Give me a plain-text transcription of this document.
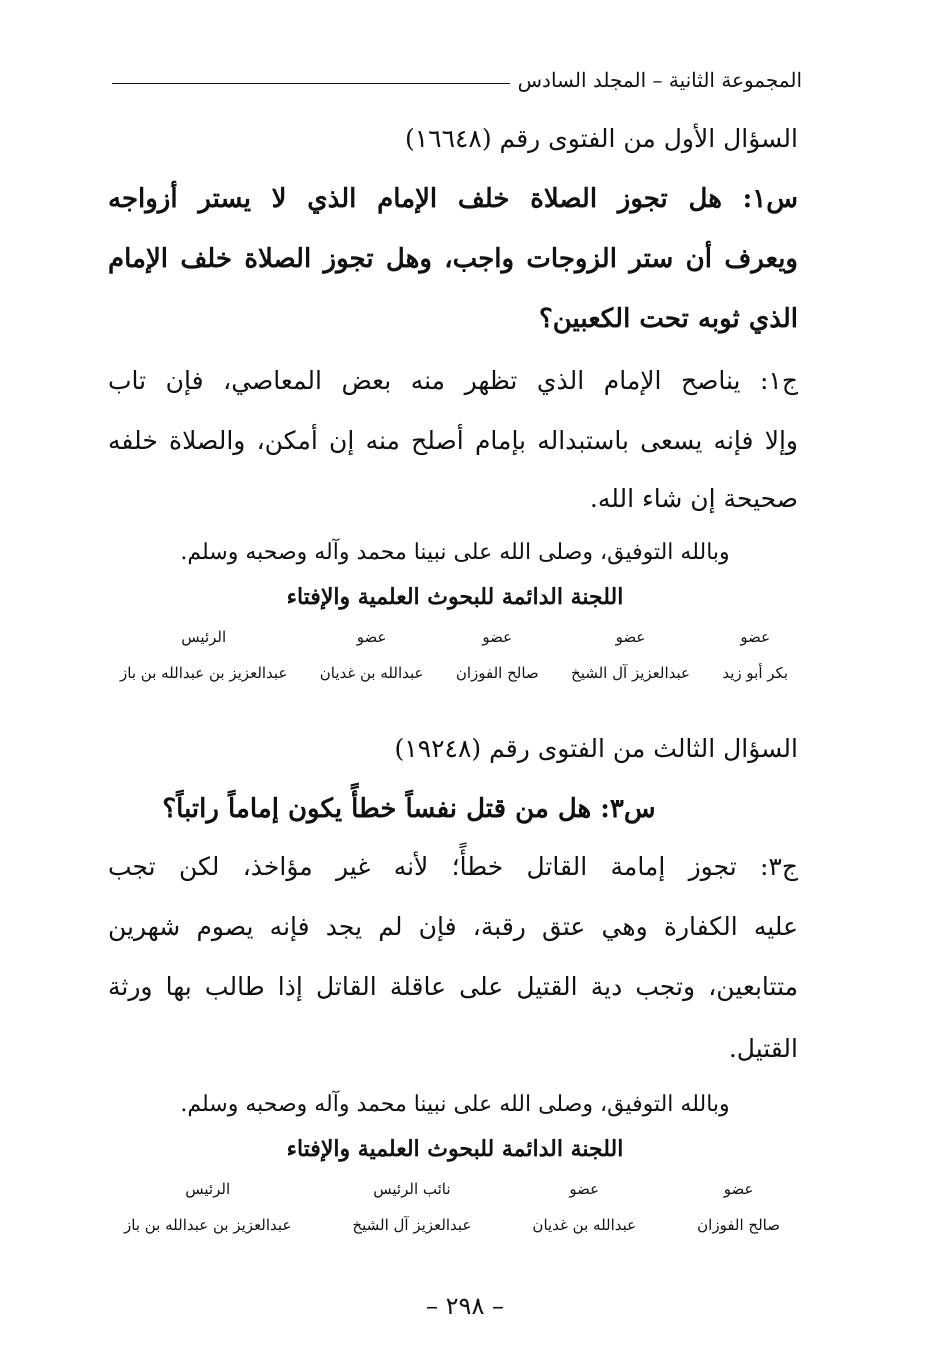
المجموعة الثانية – المجلد السادس
السؤال الأول من الفتوى رقم (١٦٦٤٨)
س١: هل تجوز الصلاة خلف الإمام الذي لا يستر أزواجه
ويعرف أن ستر الزوجات واجب، وهل تجوز الصلاة خلف الإمام
الذي ثوبه تحت الكعبين؟
ج١: يناصح الإمام الذي تظهر منه بعض المعاصي، فإن تاب
وإلا فإنه يسعى باستبداله بإمام أصلح منه إن أمكن، والصلاة خلفه
صحيحة إن شاء الله.
وبالله التوفيق، وصلى الله على نبينا محمد وآله وصحبه وسلم.
اللجنة الدائمة للبحوث العلمية والإفتاء
عضو
بكر أبو زيد
عضو
عبدالعزيز آل الشيخ
عضو
صالح الفوزان
عضو
عبدالله بن غديان
الرئيس
عبدالعزيز بن عبدالله بن باز
السؤال الثالث من الفتوى رقم (١٩٢٤٨)
س٣: هل من قتل نفساً خطأً يكون إماماً راتباً؟
ج٣: تجوز إمامة القاتل خطأً؛ لأنه غير مؤاخذ، لكن تجب
عليه الكفارة وهي عتق رقبة، فإن لم يجد فإنه يصوم شهرين
متتابعين، وتجب دية القتيل على عاقلة القاتل إذا طالب بها ورثة
القتيل.
وبالله التوفيق، وصلى الله على نبينا محمد وآله وصحبه وسلم.
اللجنة الدائمة للبحوث العلمية والإفتاء
عضو
صالح الفوزان
عضو
عبدالله بن غديان
نائب الرئيس
عبدالعزيز آل الشيخ
الرئيس
عبدالعزيز بن عبدالله بن باز
– ٢٩٨ –
